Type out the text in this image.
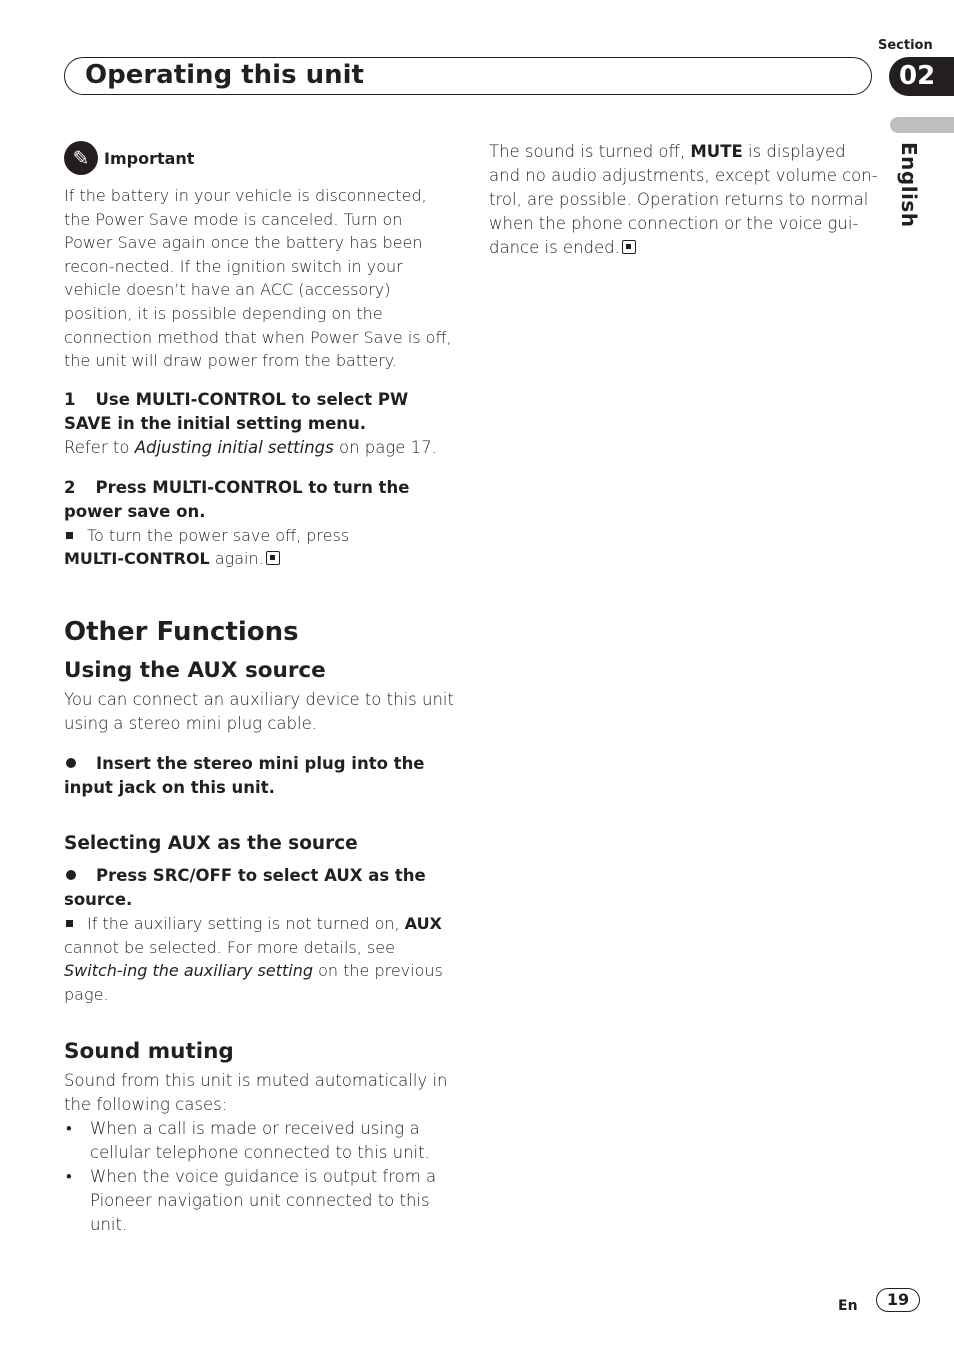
Section
Operating this unit	02
English
✎ Important

If the battery in your vehicle is disconnected, the Power Save mode is canceled. Turn on Power Save again once the battery has been recon-nected. If the ignition switch in your vehicle doesn’t have an ACC (accessory) position, it is possible depending on the connection method that when Power Save is off, the unit will draw power from the battery.

1 Use MULTI-CONTROL to select PW SAVE in the initial setting menu.

Refer to Adjusting initial settings on page 17.

2 Press MULTI-CONTROL to turn the power save on.

To turn the power save off, press
MULTI-CONTROL again.

Other Functions
Using the AUX source

You can connect an auxiliary device to this unit using a stereo mini plug cable.

Insert the stereo mini plug into the input jack on this unit.

Selecting AUX as the source

Press SRC/OFF to select AUX as the source.

If the auxiliary setting is not turned on, AUX cannot be selected. For more details, see Switch-ing the auxiliary setting on the previous page.

Sound muting

Sound from this unit is muted automatically in the following cases:

• When a call is made or received using a cellular telephone connected to this unit.
• When the voice guidance is output from a Pioneer navigation unit connected to this unit.

The sound is turned off, MUTE is displayed and no audio adjustments, except volume con-trol, are possible. Operation returns to normal when the phone connection or the voice gui-dance is ended.

En	19
